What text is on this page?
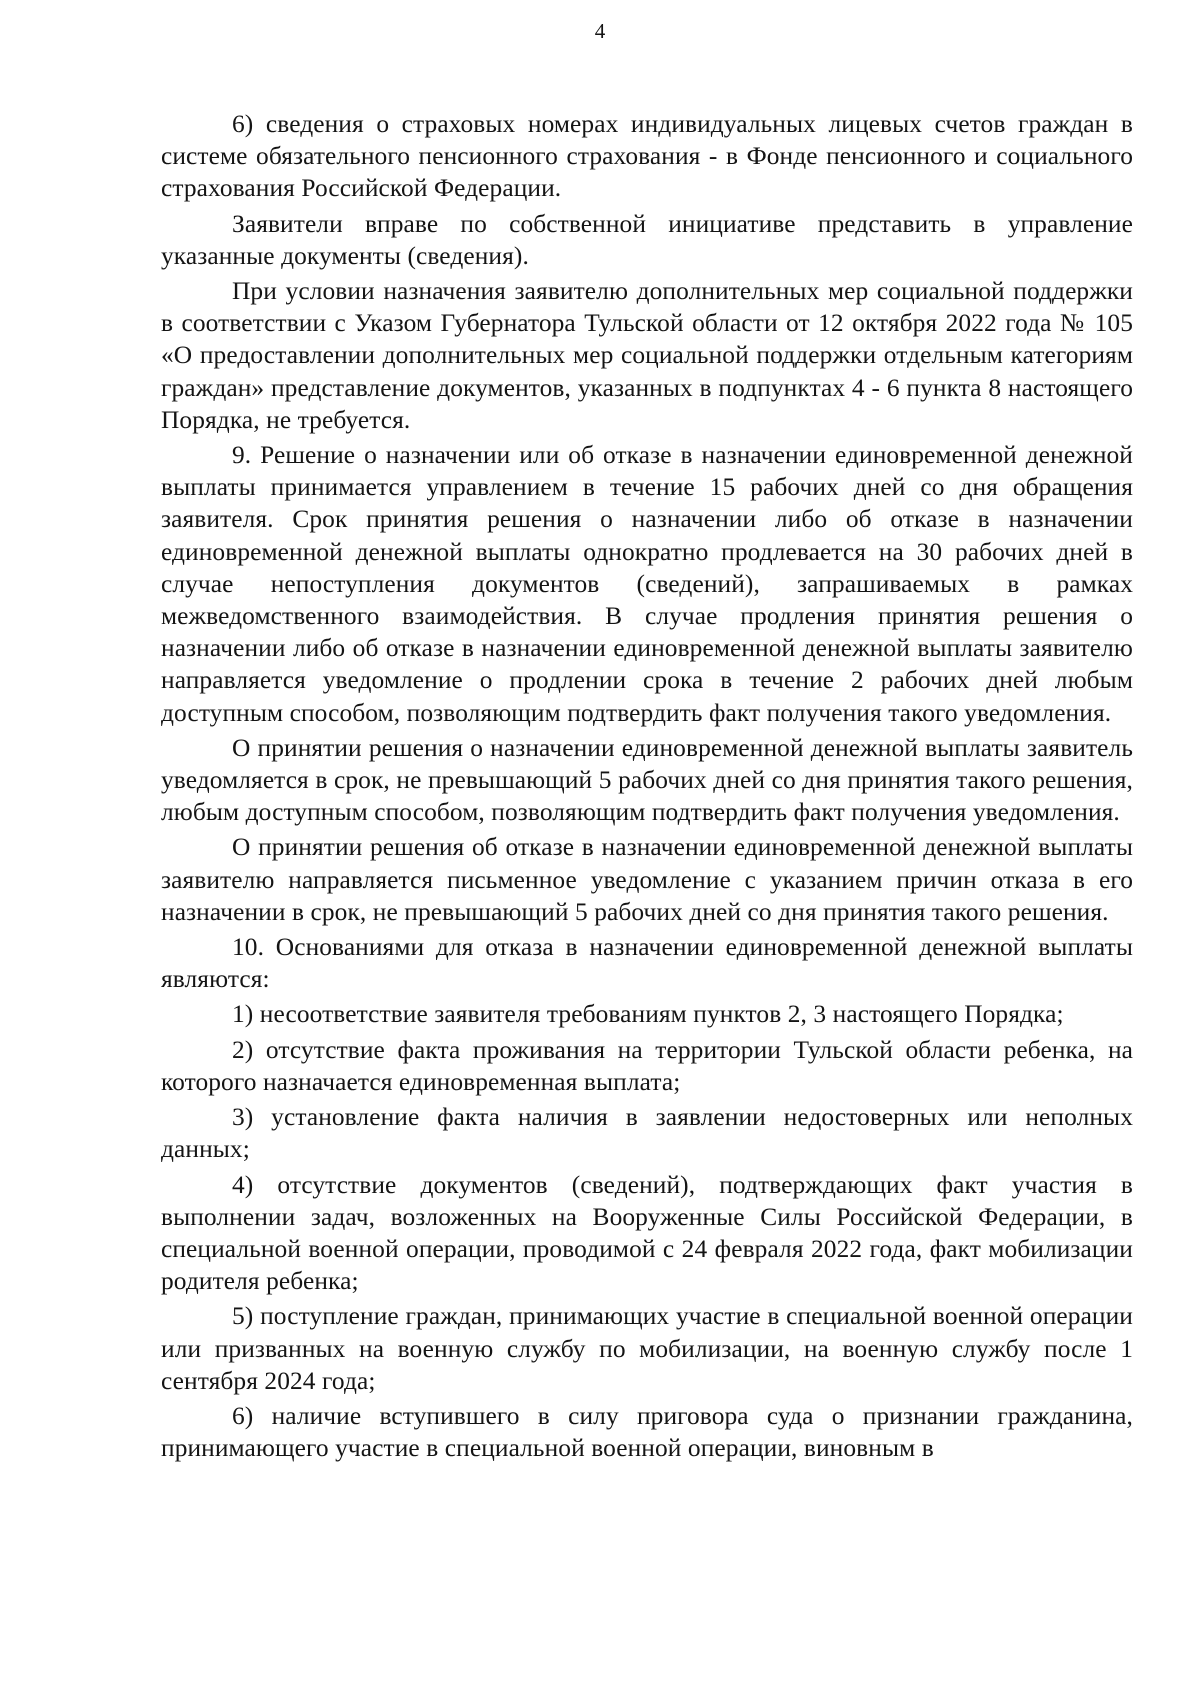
4

6) сведения о страховых номерах индивидуальных лицевых счетов граждан в системе обязательного пенсионного страхования - в Фонде пенсионного и социального страхования Российской Федерации.

Заявители вправе по собственной инициативе представить в управление указанные документы (сведения).

При условии назначения заявителю дополнительных мер социальной поддержки в соответствии с Указом Губернатора Тульской области от 12 октября 2022 года № 105 «О предоставлении дополнительных мер социальной поддержки отдельным категориям граждан» представление документов, указанных в подпунктах 4 - 6 пункта 8 настоящего Порядка, не требуется.

9. Решение о назначении или об отказе в назначении единовременной денежной выплаты принимается управлением в течение 15 рабочих дней со дня обращения заявителя. Срок принятия решения о назначении либо об отказе в назначении единовременной денежной выплаты однократно продлевается на 30 рабочих дней в случае непоступления документов (сведений), запрашиваемых в рамках межведомственного взаимодействия. В случае продления принятия решения о назначении либо об отказе в назначении единовременной денежной выплаты заявителю направляется уведомление о продлении срока в течение 2 рабочих дней любым доступным способом, позволяющим подтвердить факт получения такого уведомления.

О принятии решения о назначении единовременной денежной выплаты заявитель уведомляется в срок, не превышающий 5 рабочих дней со дня принятия такого решения, любым доступным способом, позволяющим подтвердить факт получения уведомления.

О принятии решения об отказе в назначении единовременной денежной выплаты заявителю направляется письменное уведомление с указанием причин отказа в его назначении в срок, не превышающий 5 рабочих дней со дня принятия такого решения.

10. Основаниями для отказа в назначении единовременной денежной выплаты являются:

1) несоответствие заявителя требованиям пунктов 2, 3 настоящего Порядка;

2) отсутствие факта проживания на территории Тульской области ребенка, на которого назначается единовременная выплата;

3) установление факта наличия в заявлении недостоверных или неполных данных;

4) отсутствие документов (сведений), подтверждающих факт участия в выполнении задач, возложенных на Вооруженные Силы Российской Федерации, в специальной военной операции, проводимой с 24 февраля 2022 года, факт мобилизации родителя ребенка;

5) поступление граждан, принимающих участие в специальной военной операции или призванных на военную службу по мобилизации, на военную службу после 1 сентября 2024 года;

6) наличие вступившего в силу приговора суда о признании гражданина, принимающего участие в специальной военной операции, виновным в
